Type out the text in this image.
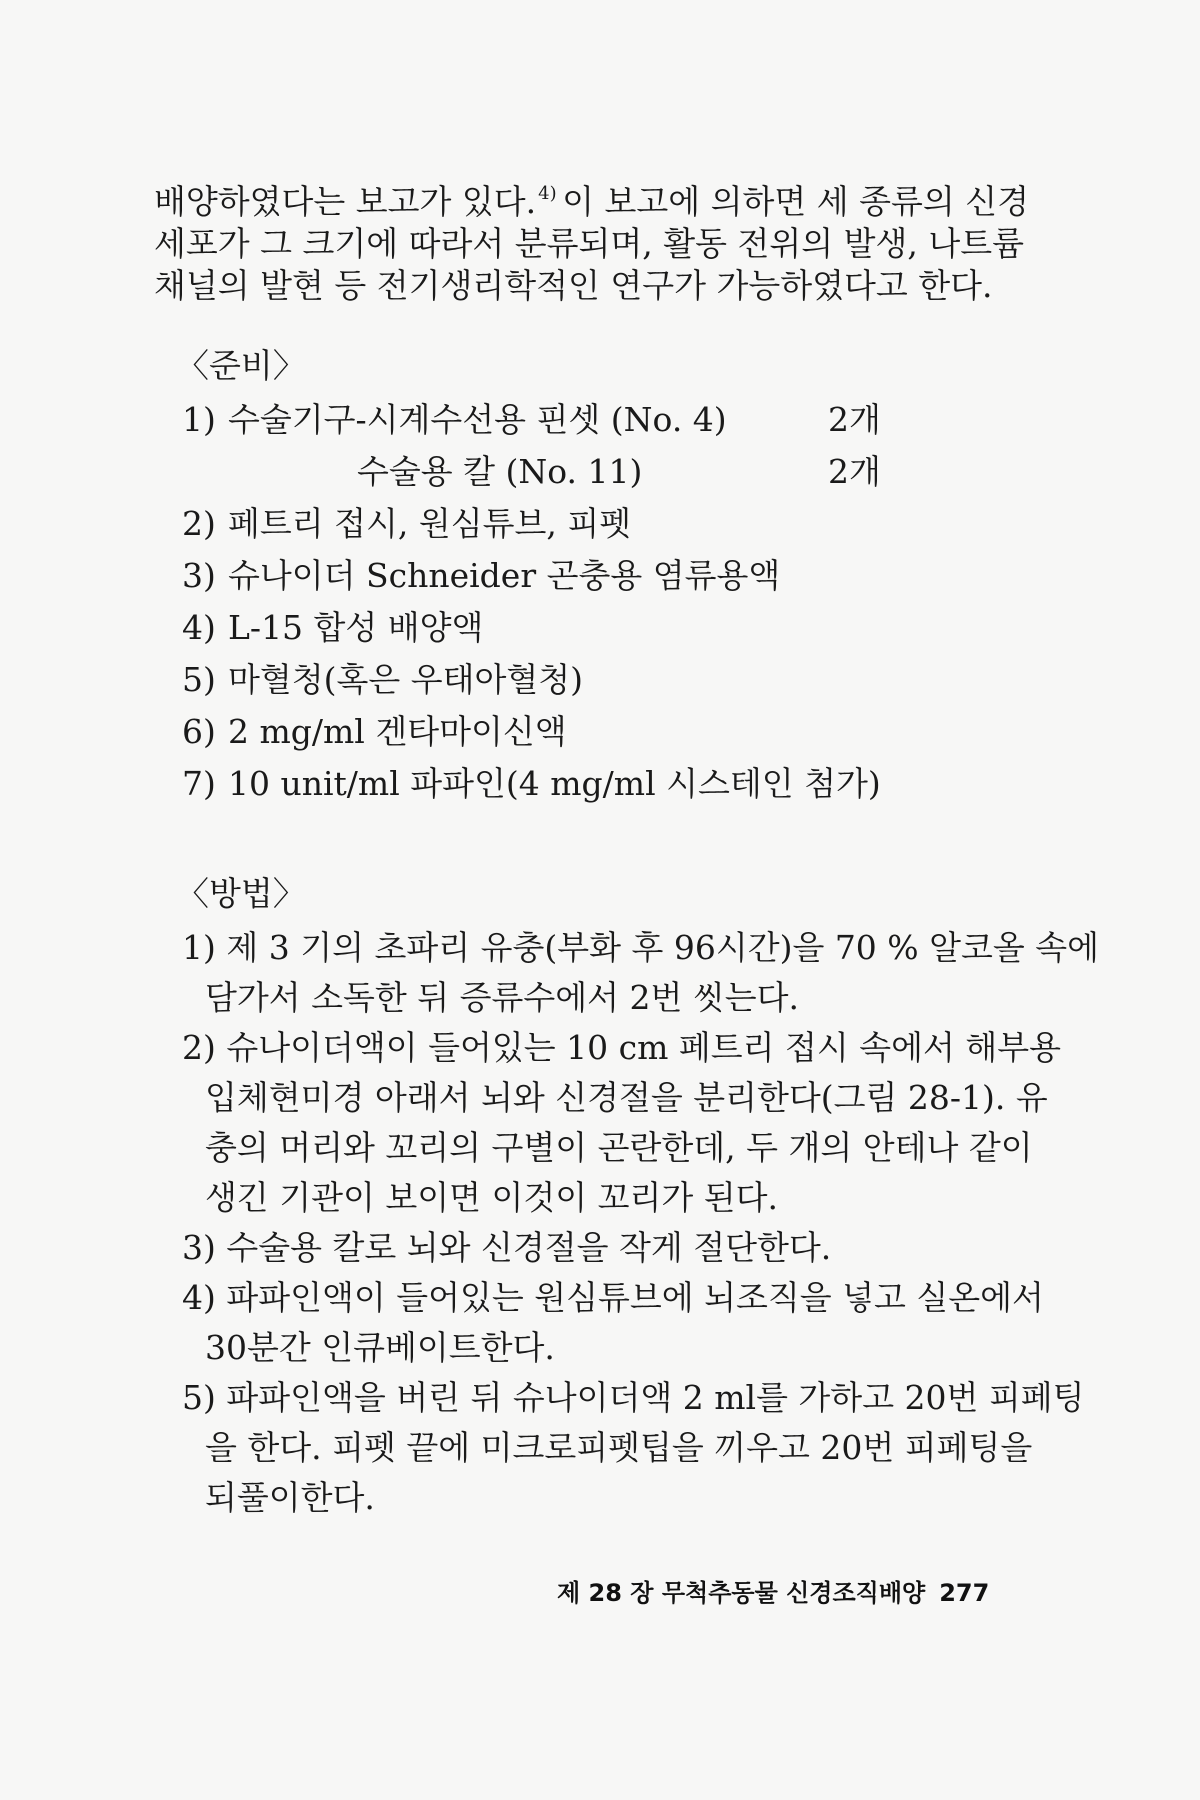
배양하였다는 보고가 있다. $^{4)}$ 이 보고에 의하면 세 종류의 신경
세포가 그 크기에 따라서 분류되며, 활동 전위의 발생, 나트륨
채널의 발현 등 전기생리학적인 연구가 가능하였다고 한다.
〈준비〉
1) 수술기구-시계수선용 핀셋 (No. 4)	2개
수술용 칼 (No. 11)	2개
2) 페트리 접시, 원심튜브, 피펫
3) 슈나이더 Schneider 곤충용 염류용액
4) L-15 합성 배양액
5) 마혈청(혹은 우태아혈청)
6) 2 mg/ml 겐타마이신액
7) 10 unit/ml 파파인(4 mg/ml 시스테인 첨가)
〈방법〉
1) 제 3 기의 초파리 유충(부화 후 96시간)을 70 % 알코올 속에
담가서 소독한 뒤 증류수에서 2번 씻는다.
2) 슈나이더액이 들어있는 10 cm 페트리 접시 속에서 해부용
입체현미경 아래서 뇌와 신경절을 분리한다(그림 28-1). 유
충의 머리와 꼬리의 구별이 곤란한데, 두 개의 안테나 같이
생긴 기관이 보이면 이것이 꼬리가 된다.
3) 수술용 칼로 뇌와 신경절을 작게 절단한다.
4) 파파인액이 들어있는 원심튜브에 뇌조직을 넣고 실온에서
30분간 인큐베이트한다.
5) 파파인액을 버린 뒤 슈나이더액 2 ml를 가하고 20번 피페팅
을 한다. 피펫 끝에 미크로피펫팁을 끼우고 20번 피페팅을
되풀이한다.
제 28 장 무척추동물 신경조직배양 277
